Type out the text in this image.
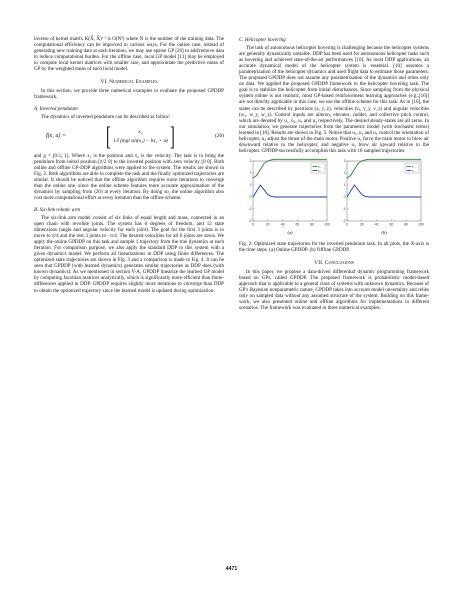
inverse of kernel matrix K(X̃, X̃)⁻¹ is O(N³) where N is the number of the training data. The computational efficiency can be improved in various ways. For the online case, instead of generating new training data at each iteration, we may use sparse GP [20] to add/remove data to reduce computational burden. For the offline case, local GP model [13] may be employed to compute local kernel matrices with smaller size, and approximate the predictive mean of GP by the weighted mean of each local model.

VI. Numerical Examples

In this section, we provide three numerical examples to evaluate the proposed GPDDP framework.

A. Inverted pendulum

The dynamics of inverted pendulum can be described as follow:

f(x, u) = [	x₂
1/I (mgl sin(x₁) − bx₂ + u) ]	(20)

and g = [0.5; 1]. Where x₁ is the position and x₂ is the velocity. The task is to bring the pendulum from initial position [π/2 0] to the inverted position with zero velocity [0 0]. Both online and offline GP-DDP algorithms were applied to the system. The results are shown in Fig. 2. Both algorithms are able to complete the task and the finally optimized trajectories are similar. It should be noticed that the offline algorithm requires more iterations to converge than the online one, since the online scheme features more accurate approximation of the dynamics by sampling from (20) at every iteration. By doing so, the online algorithm also cost more computational effort at every iteration than the offline scheme.

B. Six-link robotic arm

The six-link arm model consist of six links of equal length and mass, connected in an open chain with revolute joints. The system has 6 degrees of freedom, and 12 state dimensions (angle and angular velocity for each joint). The goal for the first 3 joints is to move to π/4 and the rest 3 joints to −π/4. The desired velocities for all 6 joints are zeros. We apply the online GPDDP on this task and sample 1 trajectory from the true dynamics at each iteration. For comparison purpose, we also apply the standard DDP to this system with a given dynamics model. We perform all linearizations in DDP using finite differences. The optimized state trajectories are shown in Fig. 3 and a comparison is made in Fig. 4. It can be seen that GPDDP (with learned dynamics) generates similar trajectories as DDP does (with known dynamics). As we mentioned in section V-A, GPDDP linearize the learned GP model by computing Jacobian matrices analytically, which is significantly more efficient than finite-differences applied in DDP. GPDDP requires slightly more iterations to converge than DDP to obtain the optimized trajectory since the learned model is updated during optimization.

C. Helicopter hovering

The task of autonomous helicopter hovering is challenging because the helicopter systems are generally dynamically unstable. DDP has been used for autonomous helicopter tasks such as hovering and achieved state-of-the-art performances [10]. As most DDP applications, an accurate dynamical model of the helicopter system is essential. [10] assumes a parametrization of the helicopter dynamics and used flight data to estimate those parameters. The proposed GPDDP does not assume any parametrization of the dynamics and relies only on data. We applied the proposed GPDDP framework to the helicopter hovering task. The goal is to stabilize the helicopter from initial disturbances. Since sampling from the physical system online is not realistic, most GP-based reinforcement learning approaches (e.g.,[16]) are not directly applicable in this case, we use the offline scheme for this task. As in [10], the states can be described by positions (x, y, z), velocities (vₓ, v_y, v_z) and angular velocities (wₓ, w_y, w_z). Control inputs are aileron, elevator, rudder, and collective pitch control, which are denoted by u₁, u₂, u₃ and u₄ respectively. The desired steady-states are all zeros. In our simulation, we generate trajectories from the parametric model (with stochastic terms) learned in [10]. Results are shown in Fig. 5. Notice that u₁, u₂ and u₃ control the orientation of helicopter, u₄ adjust the thrust of the main motor. Positive u₄ force the main motor to blow air downward relative to the helicopter, and negative u₄ blow air upward relative to the helicopter. GPDDP successfully accomplish this task with 10 sampled trajectories.

-2
-1
0
1
2
3
0	20	40	60	80	100
x₁
x₂
(a)
-2
-1
0
1
2
3
0	20	40	60	80	100
x₁
x₂
(b)

Fig. 2: Optimized state trajectories for the inverted pendulum task. In all plots, the X-axis is the time steps. (a) Online GPDDP. (b) Offline GPDDP.

VII. Conclusions

In this paper, we propose a data-driven differential dynamic programming framework based on GPs, called GPDDP. The proposed framework is probabilistic model-based approach that is applicable to a general class of systems with unknown dynamics. Because of GP's Bayesian nonparametric nature, GPDDP takes into account model uncertainty and relies only on sampled data without any assumed structure of the system. Building on this frame-work, we also presented online and offline algorithms for implementations in different scenarios. The framework was evaluated in three numerical examples.

4471
